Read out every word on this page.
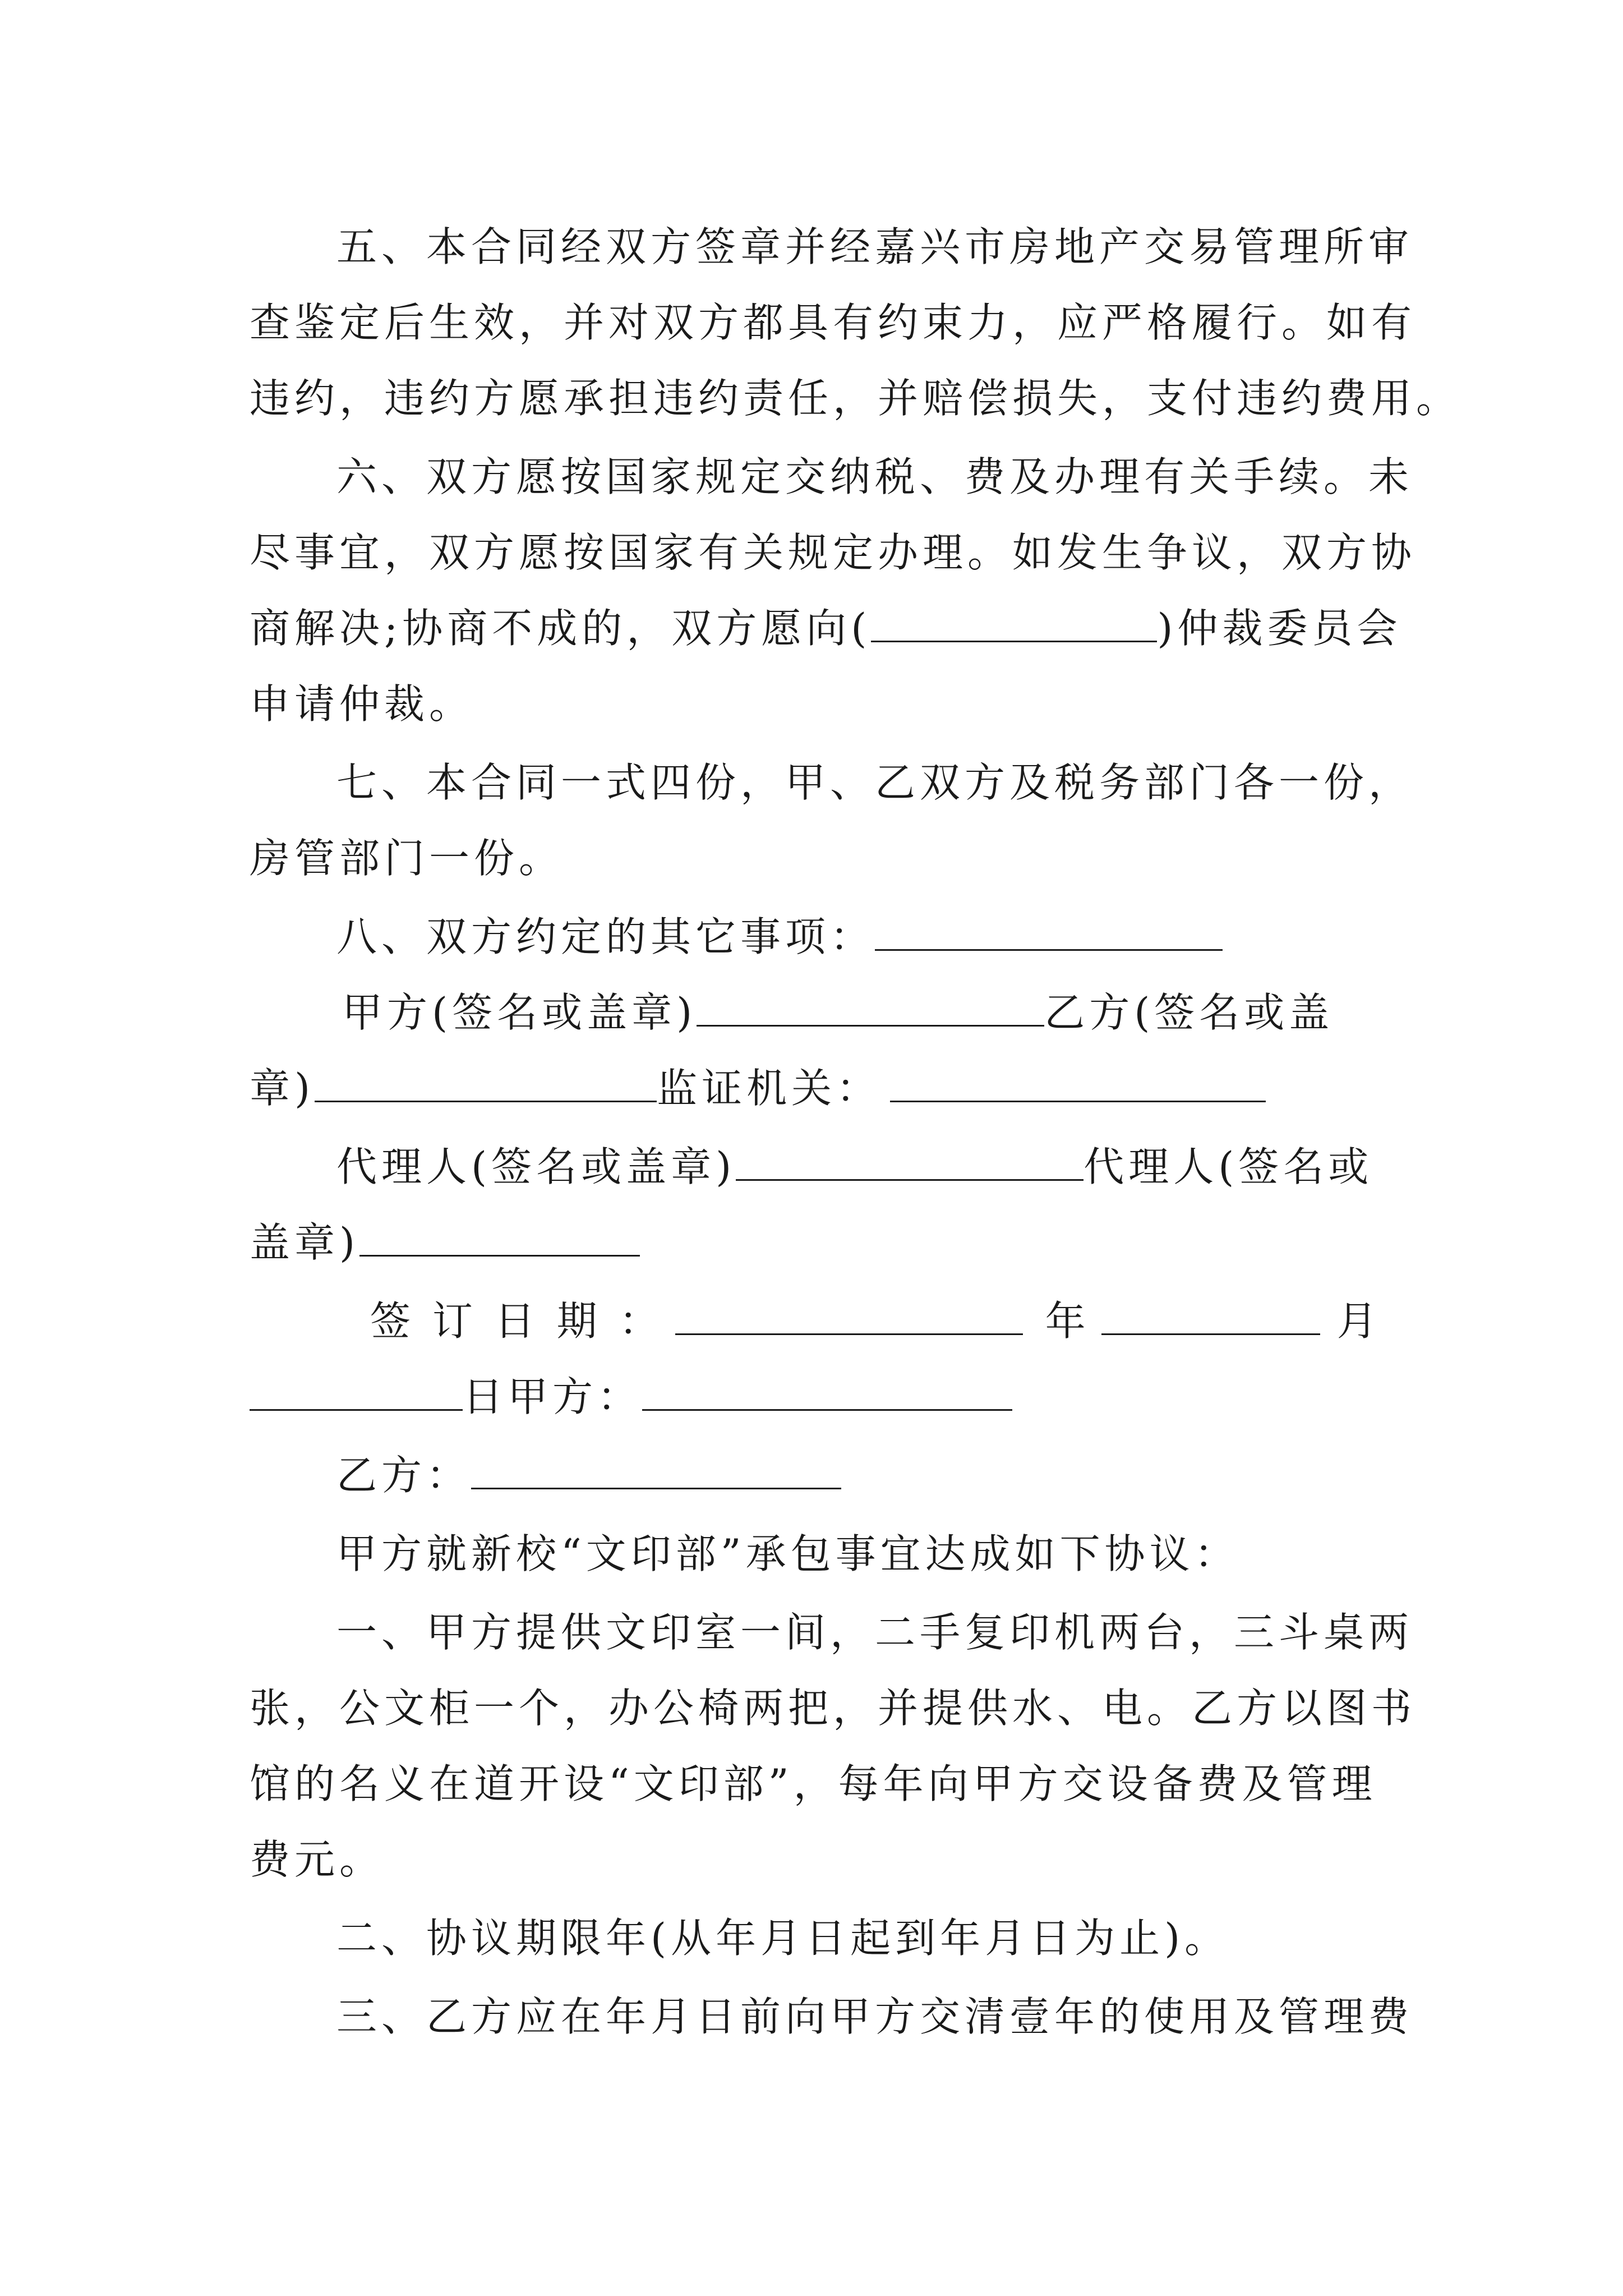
五、本合同经双方签章并经嘉兴市房地产交易管理所审
查鉴定后生效，并对双方都具有约束力，应严格履行。如有
违约，违约方愿承担违约责任，并赔偿损失，支付违约费用。
六、双方愿按国家规定交纳税、费及办理有关手续。未
尽事宜，双方愿按国家有关规定办理。如发生争议，双方协
商解决;协商不成的，双方愿向(	)仲裁委员会
申请仲裁。
七、本合同一式四份，甲、乙双方及税务部门各一份，
房管部门一份。
八、双方约定的其它事项：
甲方(签名或盖章)	乙方(签名或盖
章)	监证机关：
代理人(签名或盖章)	代理人(签名或
盖章)
签 订 日 期 ：	年	月
日甲方：
乙方：
甲方就新校“文印部”承包事宜达成如下协议：
一、甲方提供文印室一间，二手复印机两台，三斗桌两
张，公文柜一个，办公椅两把，并提供水、电。乙方以图书
馆的名义在道开设“文印部”，每年向甲方交设备费及管理
费元。
二、协议期限年(从年月日起到年月日为止)。
三、乙方应在年月日前向甲方交清壹年的使用及管理费
